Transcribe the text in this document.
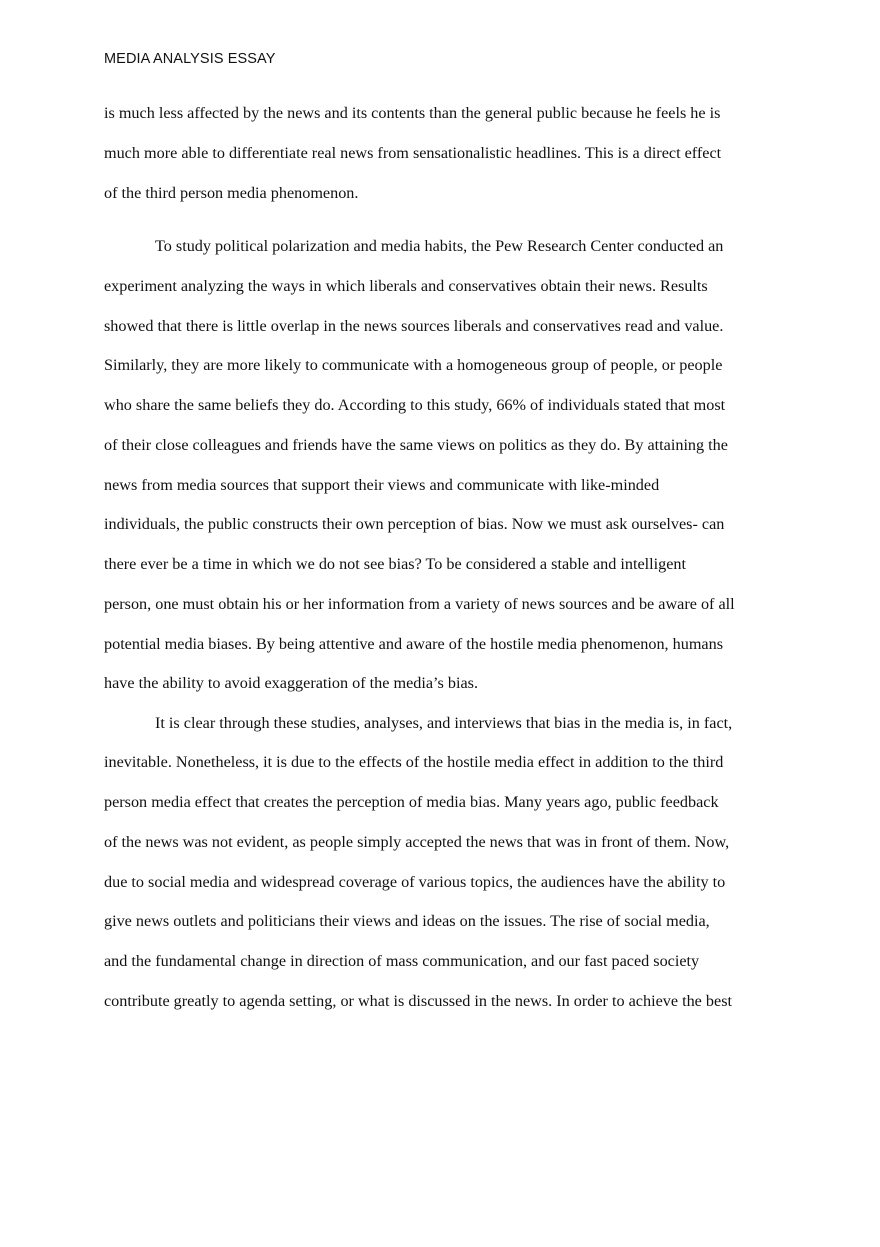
MEDIA ANALYSIS ESSAY
is much less affected by the news and its contents than the general public because he feels he is
much more able to differentiate real news from sensationalistic headlines. This is a direct effect
of the third person media phenomenon.
To study political polarization and media habits, the Pew Research Center conducted an
experiment analyzing the ways in which liberals and conservatives obtain their news. Results
showed that there is little overlap in the news sources liberals and conservatives read and value.
Similarly, they are more likely to communicate with a homogeneous group of people, or people
who share the same beliefs they do. According to this study, 66% of individuals stated that most
of their close colleagues and friends have the same views on politics as they do. By attaining the
news from media sources that support their views and communicate with like-minded
individuals, the public constructs their own perception of bias. Now we must ask ourselves- can
there ever be a time in which we do not see bias? To be considered a stable and intelligent
person, one must obtain his or her information from a variety of news sources and be aware of all
potential media biases. By being attentive and aware of the hostile media phenomenon, humans
have the ability to avoid exaggeration of the media’s bias.
It is clear through these studies, analyses, and interviews that bias in the media is, in fact,
inevitable. Nonetheless, it is due to the effects of the hostile media effect in addition to the third
person media effect that creates the perception of media bias. Many years ago, public feedback
of the news was not evident, as people simply accepted the news that was in front of them. Now,
due to social media and widespread coverage of various topics, the audiences have the ability to
give news outlets and politicians their views and ideas on the issues. The rise of social media,
and the fundamental change in direction of mass communication, and our fast paced society
contribute greatly to agenda setting, or what is discussed in the news. In order to achieve the best
